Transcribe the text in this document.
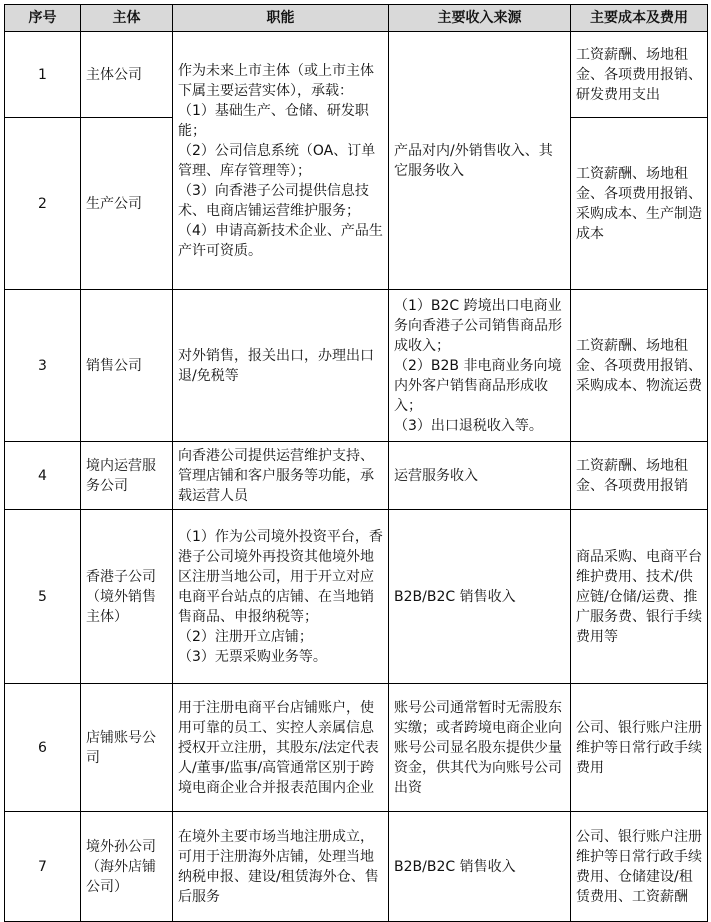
序号	主体	职能	主要收入来源	主要成本及费用
1	主体公司	作为未来上市主体（或上市主体下属主要运营实体），承载：
（1）基础生产、仓储、研发职能；
（2）公司信息系统（OA、订单管理、库存管理等）；
（3）向香港子公司提供信息技术、电商店铺运营维护服务；
（4）申请高新技术企业、产品生产许可资质。	产品对内/外销售收入、其它服务收入	工资薪酬、场地租金、各项费用报销、研发费用支出
2	生产公司			工资薪酬、场地租金、各项费用报销、采购成本、生产制造成本
3	销售公司	对外销售，报关出口，办理出口退/免税等	（1）B2C 跨境出口电商业务向香港子公司销售商品形成收入；
（2）B2B 非电商业务向境内外客户销售商品形成收入；
（3）出口退税收入等。	工资薪酬、场地租金、各项费用报销、采购成本、物流运费
4	境内运营服务公司	向香港公司提供运营维护支持、管理店铺和客户服务等功能，承载运营人员	运营服务收入	工资薪酬、场地租金、各项费用报销
5	香港子公司（境外销售主体）	（1）作为公司境外投资平台，香港子公司境外再投资其他境外地区注册当地公司，用于开立对应电商平台站点的店铺、在当地销售商品、申报纳税等；
（2）注册开立店铺；
（3）无票采购业务等。	B2B/B2C 销售收入	商品采购、电商平台维护费用、技术/供应链/仓储/运费、推广服务费、银行手续费用等
6	店铺账号公司	用于注册电商平台店铺账户，使用可靠的员工、实控人亲属信息授权开立注册，其股东/法定代表人/董事/监事/高管通常区别于跨境电商企业合并报表范围内企业	账号公司通常暂时无需股东实缴；或者跨境电商企业向账号公司显名股东提供少量资金，供其代为向账号公司出资	公司、银行账户注册维护等日常行政手续费用
7	境外孙公司（海外店铺公司）	在境外主要市场当地注册成立，可用于注册海外店铺，处理当地纳税申报、建设/租赁海外仓、售后服务	B2B/B2C 销售收入	公司、银行账户注册维护等日常行政手续费用、仓储建设/租赁费用、工资薪酬
